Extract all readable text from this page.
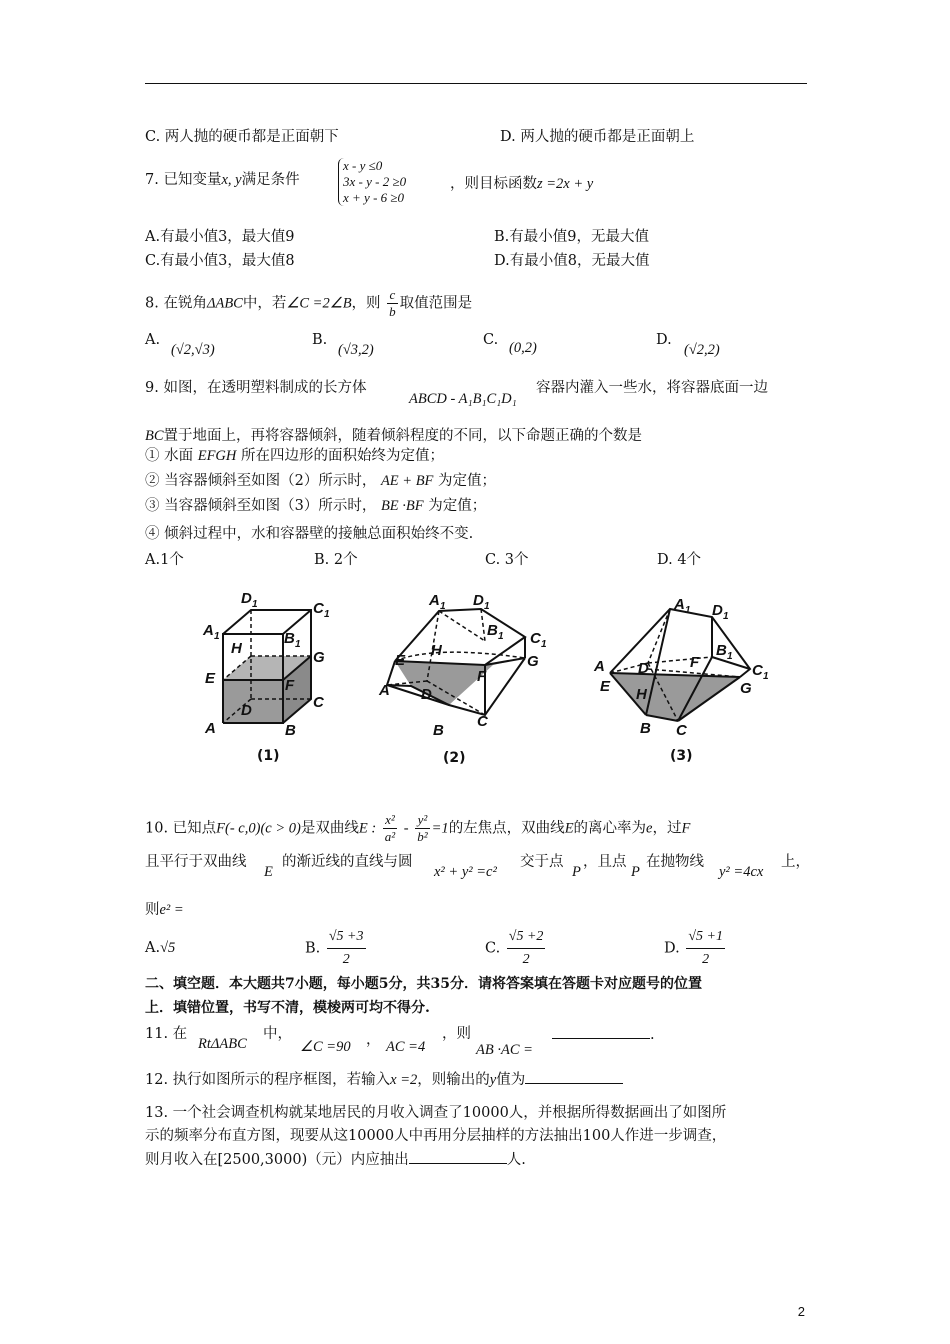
C. 两人抛的硬币都是正面朝下	D. 两人抛的硬币都是正面朝上
7. 已知变量x, y满足条件
x - y ≤0
3x - y - 2 ≥0
x + y - 6 ≥0
，则目标函数z =2x + y
A.有最小值3，最大值9	B.有最小值9，无最大值
C.有最小值3，最大值8	D.有最小值8，无最大值
8. 在锐角ΔABC中，若∠C =2∠B，则 $\frac{c}{b}$ 取值范围是
A.
(√2,√3)
B.
(√3,2)
C. (0,2)	D.
(√2,2)
9. 如图，在透明塑料制成的长方体
ABCD - A₁B₁C₁D₁
容器内灌入一些水，将容器底面一边
BC置于地面上，再将容器倾斜，随着倾斜程度的不同，以下命题正确的个数是
① 水面 EFGH 所在四边形的面积始终为定值；
② 当容器倾斜至如图（2）所示时， AE + BF 为定值；
③ 当容器倾斜至如图（3）所示时， BE ·BF 为定值；
④ 倾斜过程中，水和容器壁的接触总面积始终不变.
A.1个	B. 2个	C. 3个	D. 4个
D 1	C 1
A 1	B 1
H
G
E	F
C
D
A	B
(1)
A 1 D 1
B 1 C 1
H
E	G
F
A D
C
B
(2)
A 1 D 1
B 1
C 1
A D	F
E H	G
B C
(3)
10. 已知点F(- c,0)(c > 0)是双曲线E : $\frac{\text{x²}}{\text{a²}} - \frac{\text{y²}}{\text{b²}} =1$的左焦点，双曲线E的离心率为e，过F
且平行于双曲线
E
的渐近线的直线与圆
x² + y² =c²
交于点
P
，且点
P
在抛物线
y² =4cx
上，
则e² =
A.√5	B. $\frac{√5 +3}{2}$	C. $\frac{√5 +2}{2}$	D. $\frac{√5 +1}{2}$
二、填空题．本大题共7小题，每小题5分，共35分．请将答案填在答题卡对应题号的位置
上．填错位置，书写不清，模棱两可均不得分.
11. 在
RtΔABC
中，
∠C =90 ， AC =4
，则
AB ·AC =
.
12. 执行如图所示的程序框图，若输入x =2，则输出的y值为
13. 一个社会调查机构就某地居民的月收入调查了10000人，并根据所得数据画出了如图所
示的频率分布直方图，现要从这10000人中再用分层抽样的方法抽出100人作进一步调查，
则月收入在[2500,3000)（元）内应抽出	人.
2
